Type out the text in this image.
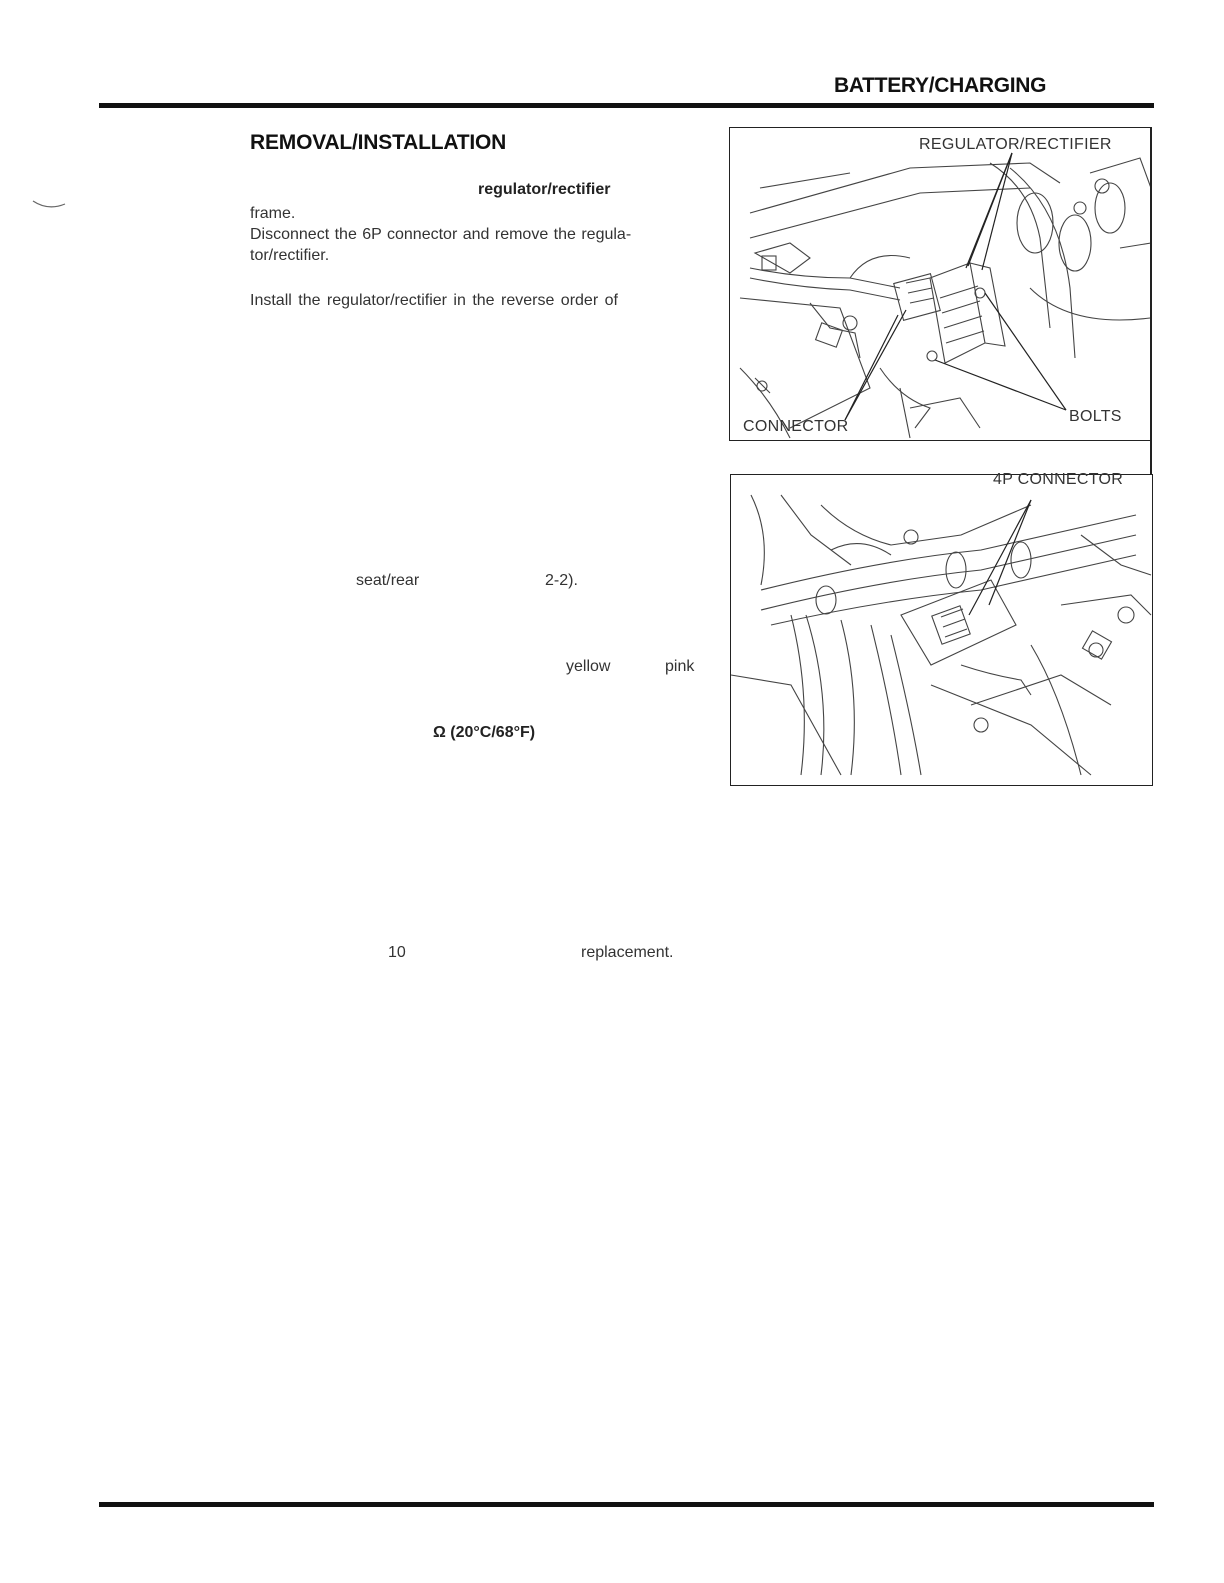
BATTERY/CHARGING
REMOVAL/INSTALLATION
regulator/rectifier
frame.
Disconnect the 6P connector and remove the regula-
tor/rectifier.
Install the regulator/rectifier in the reverse order of
seat/rear	2-2).
yellow	pink
Ω (20°C/68°F)
10	replacement.
REGULATOR/RECTIFIER
CONNECTOR
BOLTS
4P CONNECTOR
